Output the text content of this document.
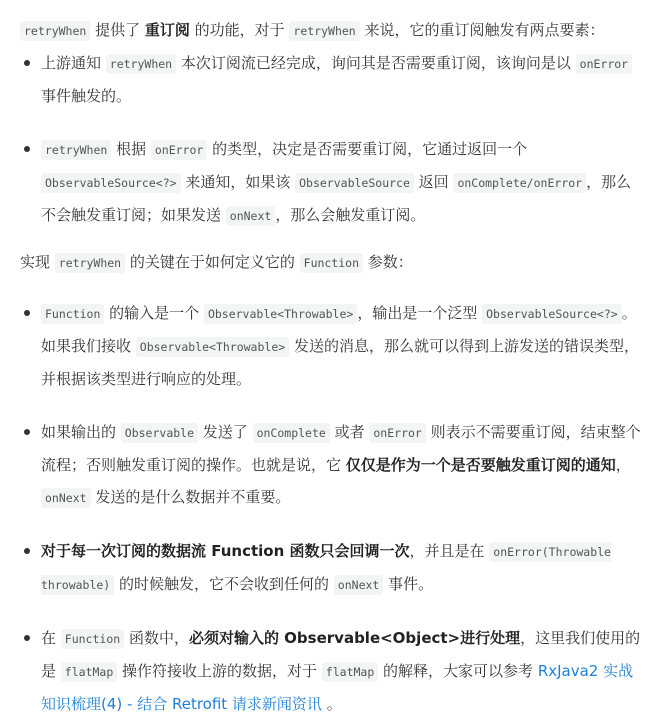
retryWhen 提供了 重订阅 的功能，对于 retryWhen 来说，它的重订阅触发有两点要素：

上游通知 retryWhen 本次订阅流已经完成，询问其是否需要重订阅，该询问是以 onError 事件触发的。
retryWhen 根据 onError 的类型，决定是否需要重订阅，它通过返回一个 ObservableSource<?> 来通知，如果该 ObservableSource 返回 onComplete/onError ，那么不会触发重订阅；如果发送 onNext ，那么会触发重订阅。

实现 retryWhen 的关键在于如何定义它的 Function 参数：

Function 的输入是一个 Observable<Throwable> ，输出是一个泛型 ObservableSource<?> 。如果我们接收 Observable<Throwable> 发送的消息，那么就可以得到上游发送的错误类型，并根据该类型进行响应的处理。
如果输出的 Observable 发送了 onComplete 或者 onError 则表示不需要重订阅，结束整个流程；否则触发重订阅的操作。也就是说，它 仅仅是作为一个是否要触发重订阅的通知，onNext 发送的是什么数据并不重要。
对于每一次订阅的数据流 Function 函数只会回调一次，并且是在 onError(Throwable throwable) 的时候触发，它不会收到任何的 onNext 事件。
在 Function 函数中，必须对输入的 Observable<Object>进行处理，这里我们使用的是 flatMap 操作符接收上游的数据，对于 flatMap 的解释，大家可以参考 RxJava2 实战知识梳理(4) - 结合 Retrofit 请求新闻资讯 。
